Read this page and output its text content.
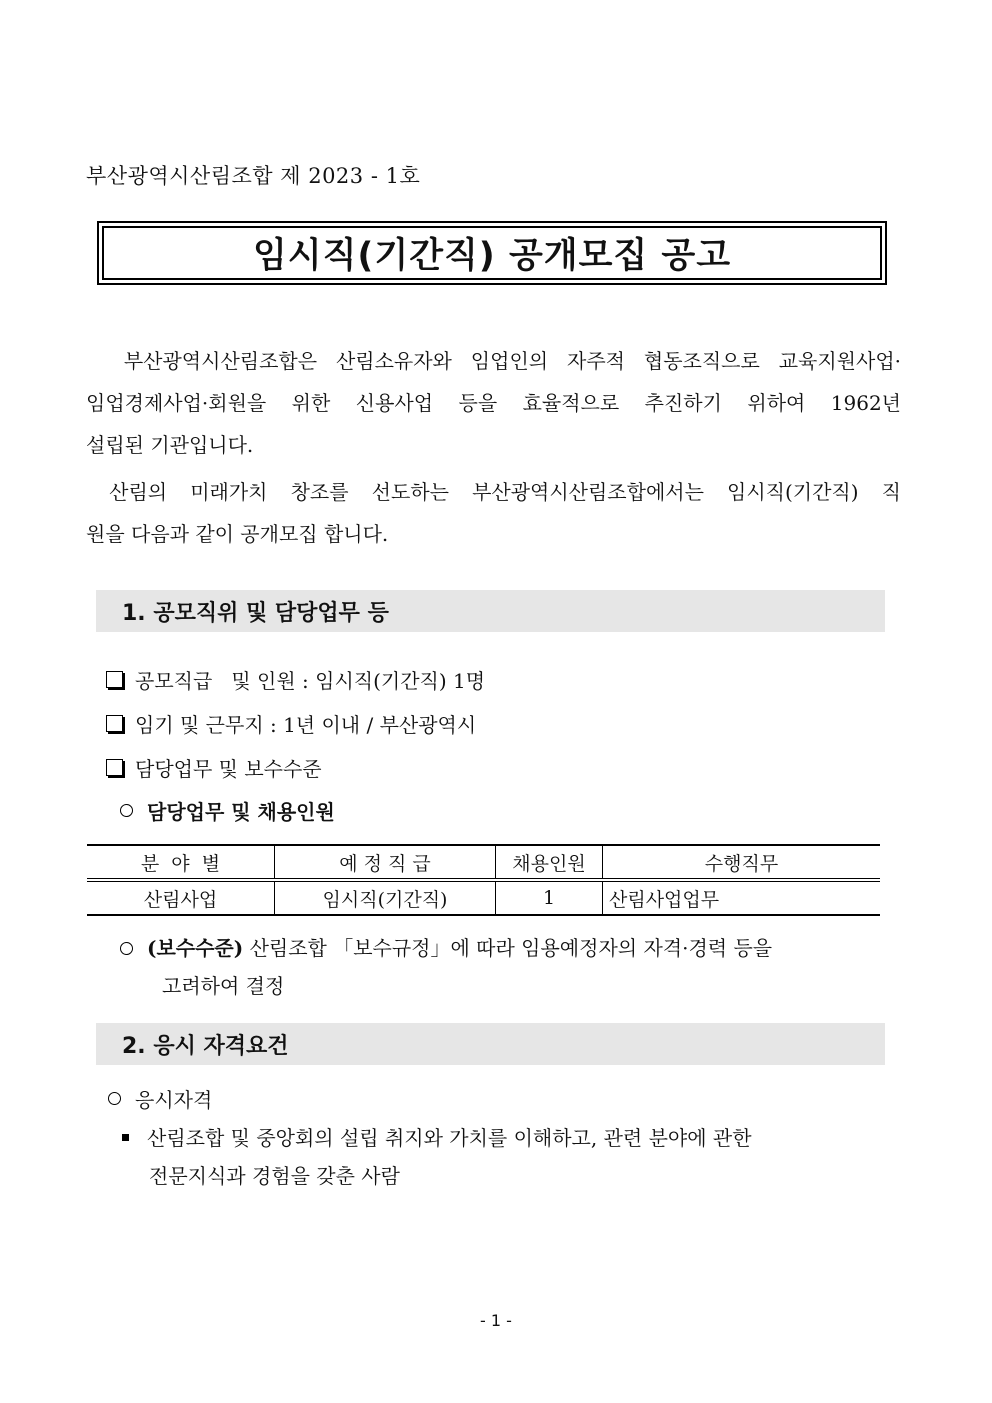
부산광역시산림조합 제 2023 - 1호
임시직(기간직) 공개모집 공고
부산광역시산림조합은 산림소유자와 임업인의 자주적 협동조직으로 교육지원사업·
임업경제사업·회원을 위한 신용사업 등을 효율적으로 추진하기 위하여 1962년
설립된 기관입니다.
산림의 미래가치 창조를 선도하는 부산광역시산림조합에서는 임시직(기간직) 직
원을 다음과 같이 공개모집 합니다.
1. 공모직위 및 담당업무 등
공모직급   및 인원 : 임시직(기간직) 1명
임기 및 근무지 : 1년 이내 / 부산광역시
담당업무 및 보수수준
담당업무 및 채용인원
분  야  별	예 정 직 급	채용인원	수행직무
산림사업	임시직(기간직)	1	산림사업업무
(보수수준) 산림조합 「보수규정」에 따라 임용예정자의 자격·경력 등을
고려하여 결정
2. 응시 자격요건
응시자격
산림조합 및 중앙회의 설립 취지와 가치를 이해하고, 관련 분야에 관한
전문지식과 경험을 갖춘 사람
- 1 -
